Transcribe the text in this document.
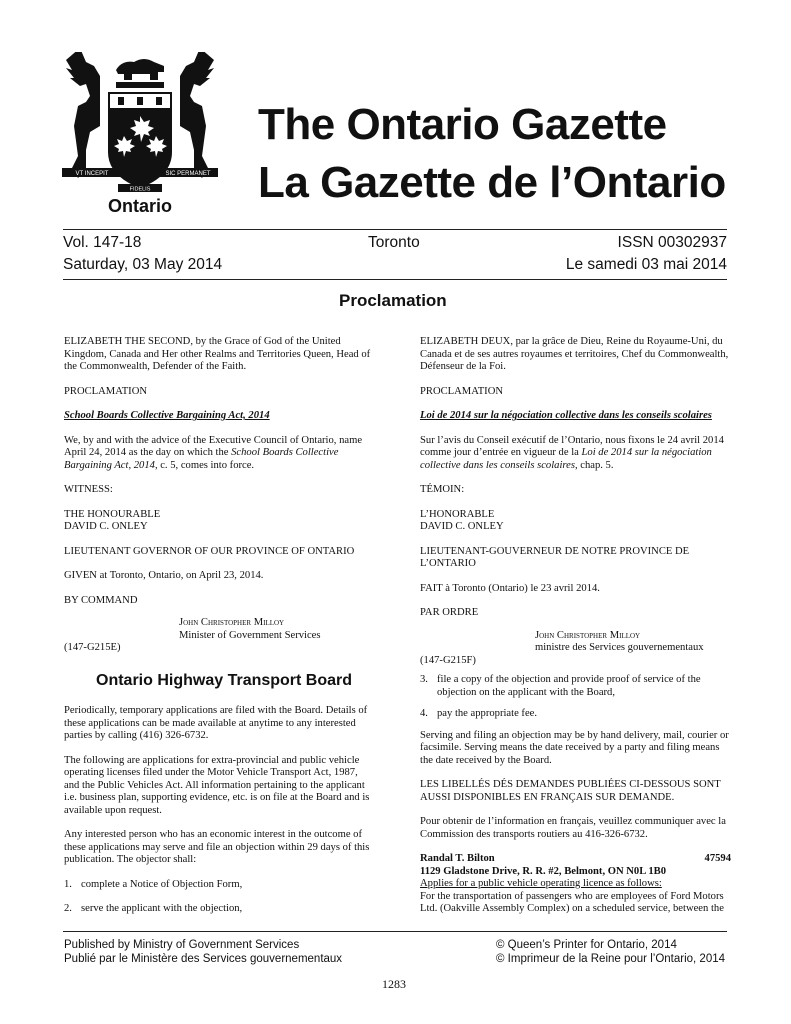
VT INCEPIT	SIC PERMANET
FIDELIS
Ontario
The Ontario Gazette
La Gazette de l’Ontario
Vol. 147-18	Toronto	ISSN 00302937
Saturday, 03 May 2014	Le samedi 03 mai 2014
Proclamation

ELIZABETH THE SECOND, by the Grace of God of the United Kingdom, Canada and Her other Realms and Territories Queen, Head of the Commonwealth, Defender of the Faith.

PROCLAMATION

School Boards Collective Bargaining Act, 2014

We, by and with the advice of the Executive Council of Ontario, name April 24, 2014 as the day on which the School Boards Collective Bargaining Act, 2014, c. 5, comes into force.

WITNESS:

THE HONOURABLE
DAVID C. ONLEY

LIEUTENANT GOVERNOR OF OUR PROVINCE OF ONTARIO

GIVEN at Toronto, Ontario, on April 23, 2014.

BY COMMAND

John Christopher Milloy
Minister of Government Services
(147-G215E)

ELIZABETH DEUX, par la grâce de Dieu, Reine du Royaume-Uni, du Canada et de ses autres royaumes et territoires, Chef du Commonwealth, Défenseur de la Foi.

PROCLAMATION

Loi de 2014 sur la négociation collective dans les conseils scolaires

Sur l’avis du Conseil exécutif de l’Ontario, nous fixons le 24 avril 2014 comme jour d’entrée en vigueur de la Loi de 2014 sur la négociation collective dans les conseils scolaires, chap. 5.

TÉMOIN:

L’HONORABLE
DAVID C. ONLEY

LIEUTENANT-GOUVERNEUR DE NOTRE PROVINCE DE L’ONTARIO

FAIT à Toronto (Ontario) le 23 avril 2014.

PAR ORDRE

John Christopher Milloy
ministre des Services gouvernementaux
(147-G215F)
Ontario Highway Transport Board

Periodically, temporary applications are filed with the Board. Details of these applications can be made available at anytime to any interested parties by calling (416) 326-6732.

The following are applications for extra-provincial and public vehicle operating licenses filed under the Motor Vehicle Transport Act, 1987, and the Public Vehicles Act. All information pertaining to the applicant i.e. business plan, supporting evidence, etc. is on file at the Board and is available upon request.

Any interested person who has an economic interest in the outcome of these applications may serve and file an objection within 29 days of this publication. The objector shall:

1. complete a Notice of Objection Form,
2. serve the applicant with the objection,
3. file a copy of the objection and provide proof of service of the objection on the applicant with the Board,
4. pay the appropriate fee.

Serving and filing an objection may be by hand delivery, mail, courier or facsimile. Serving means the date received by a party and filing means the date received by the Board.

LES LIBELLÉS DÉS DEMANDES PUBLIÉES CI-DESSOUS SONT AUSSI DISPONIBLES EN FRANÇAIS SUR DEMANDE.

Pour obtenir de l’information en français, veuillez communiquer avec la Commission des transports routiers au 416-326-6732.

Randal T. Bilton	47594
1129 Gladstone Drive, R. R. #2, Belmont, ON N0L 1B0
Applies for a public vehicle operating licence as follows:
For the transportation of passengers who are employees of Ford Motors Ltd. (Oakville Assembly Complex) on a scheduled service, between the
Published by Ministry of Government Services
Publié par le Ministère des Services gouvernementaux
© Queen’s Printer for Ontario, 2014
© Imprimeur de la Reine pour l’Ontario, 2014
1283
